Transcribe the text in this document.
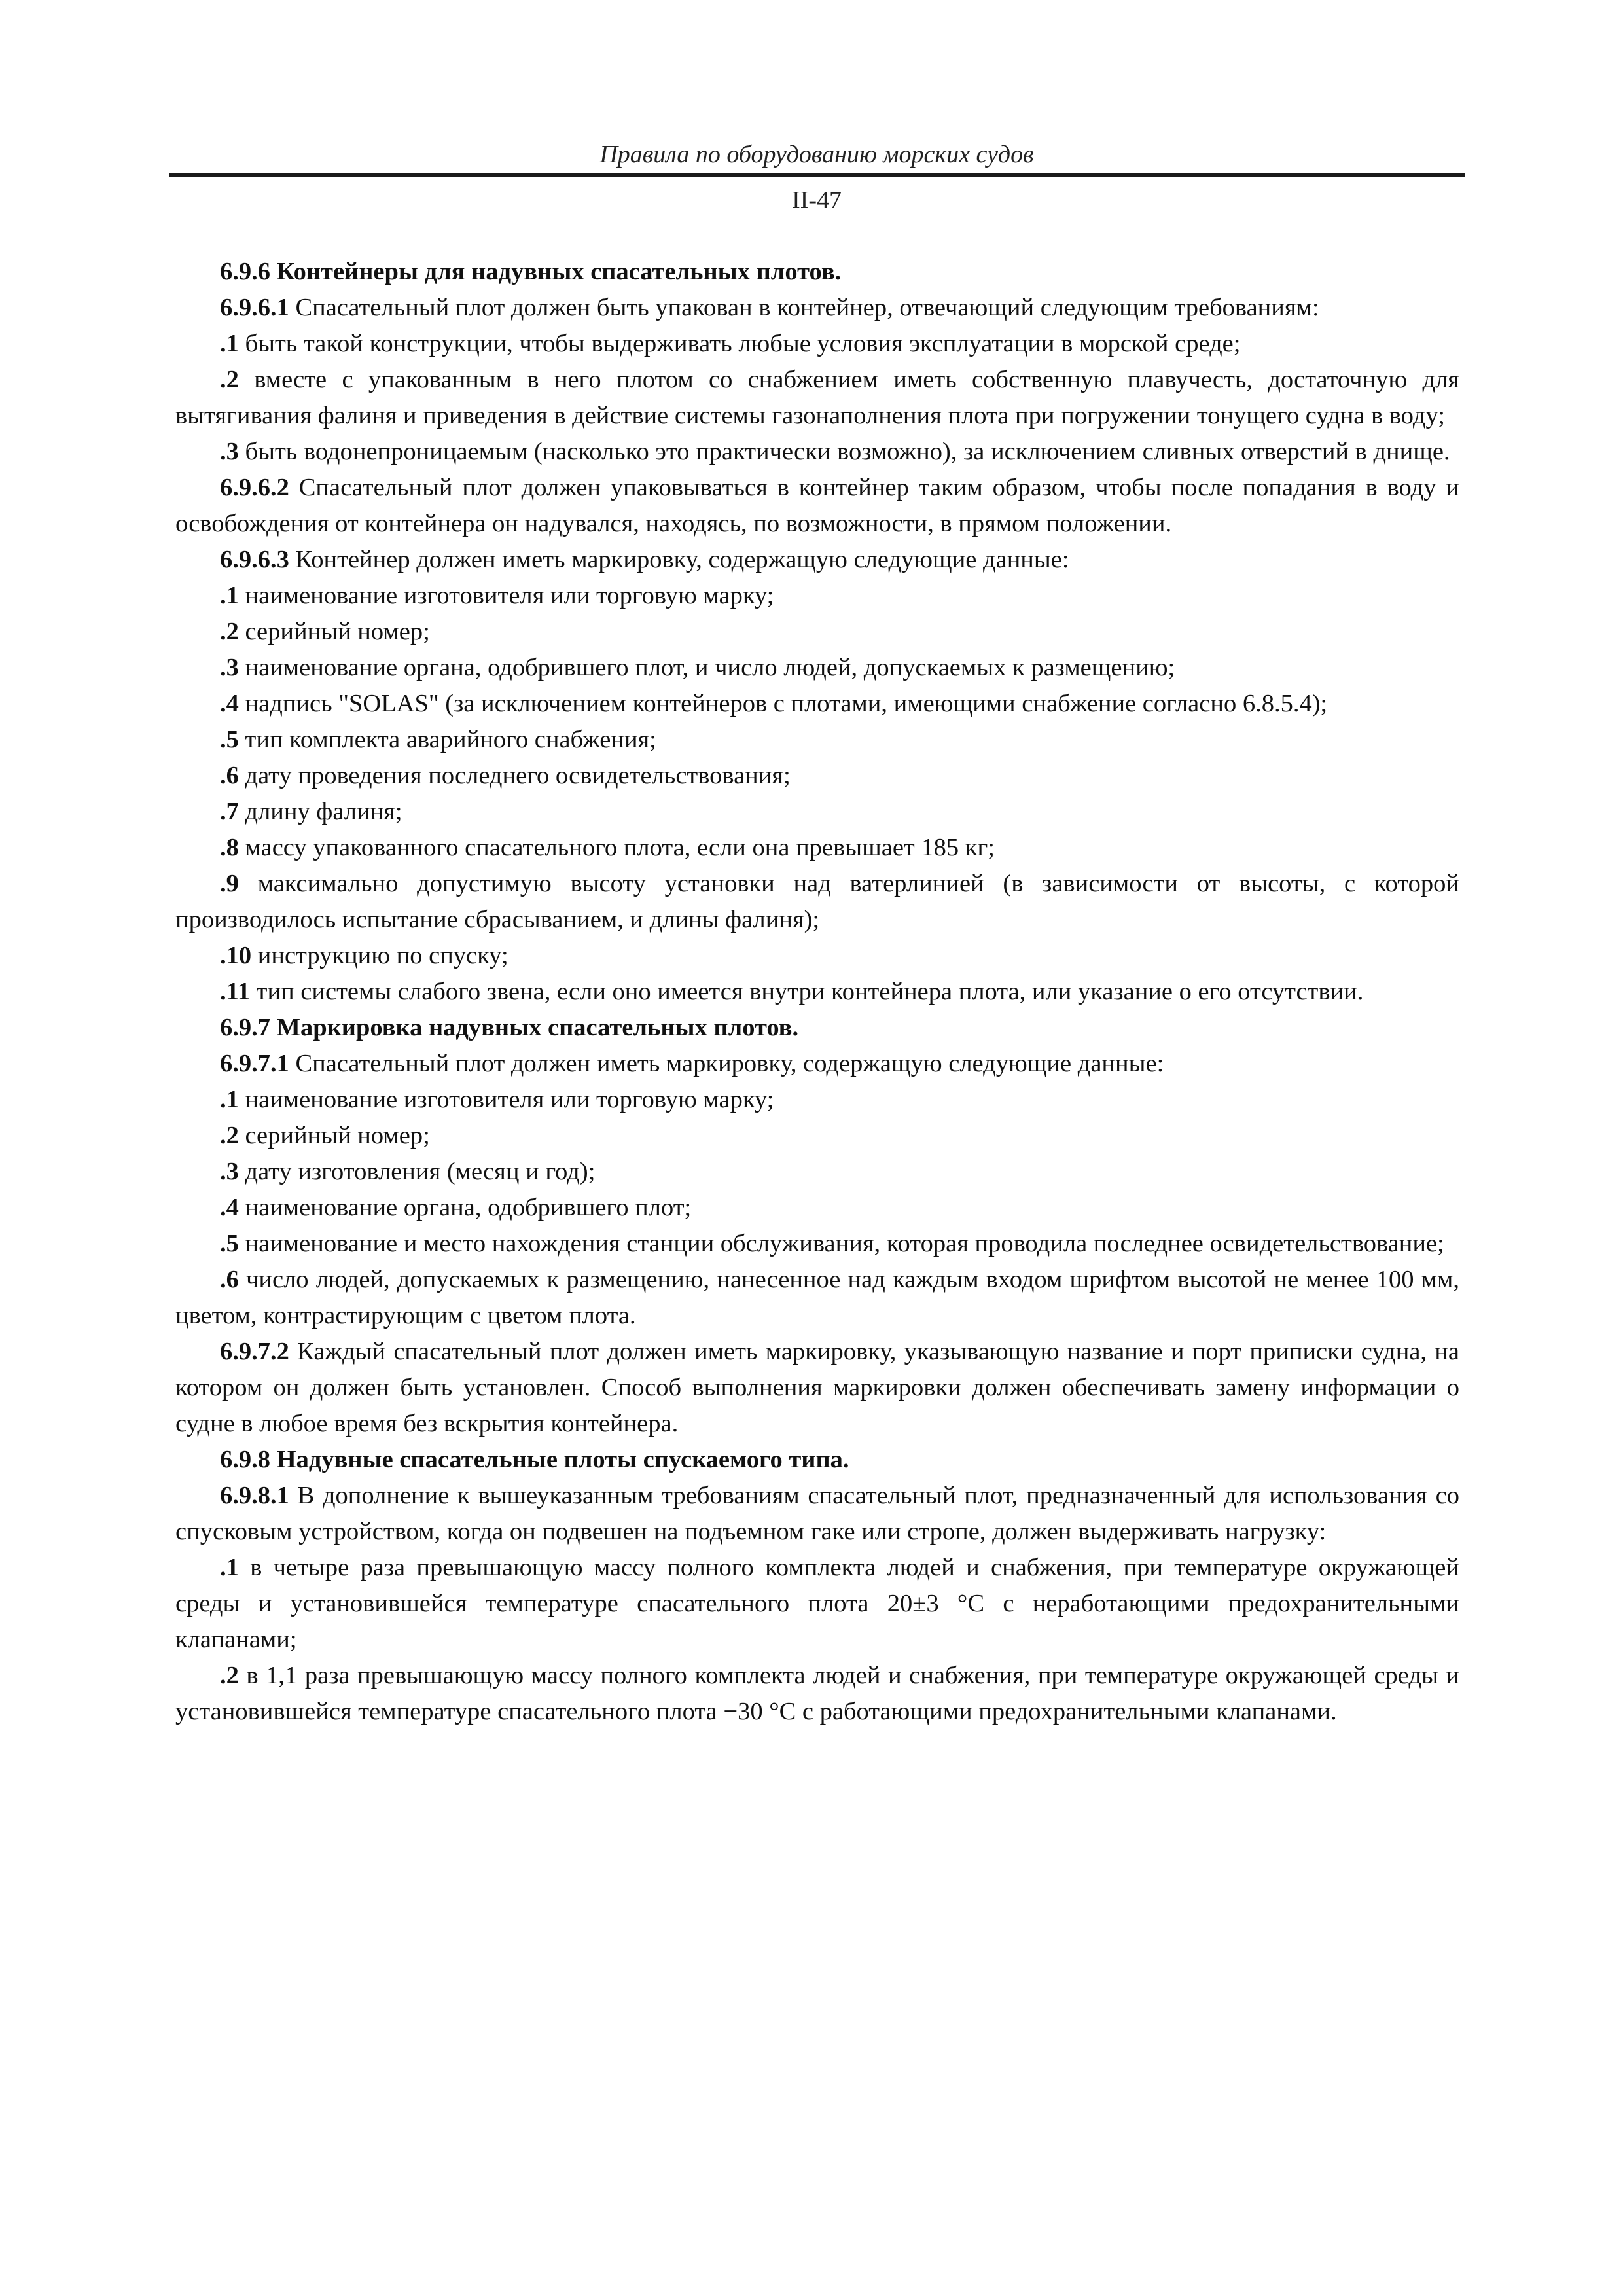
Правила по оборудованию морских судов
II-47

6.9.6 Контейнеры для надувных спасательных плотов.

6.9.6.1 Спасательный плот должен быть упакован в контейнер, отвечающий следующим требованиям:

.1 быть такой конструкции, чтобы выдерживать любые условия эксплуатации в морской среде;

.2 вместе с упакованным в него плотом со снабжением иметь собственную плавучесть, достаточную для вытягивания фалиня и приведения в действие системы газонаполнения плота при погружении тонущего судна в воду;

.3 быть водонепроницаемым (насколько это практически возможно), за исключением сливных отверстий в днище.

6.9.6.2 Спасательный плот должен упаковываться в контейнер таким образом, чтобы после попадания в воду и освобождения от контейнера он надувался, находясь, по возможности, в прямом положении.

6.9.6.3 Контейнер должен иметь маркировку, содержащую следующие данные:

.1 наименование изготовителя или торговую марку;

.2 серийный номер;

.3 наименование органа, одобрившего плот, и число людей, допускаемых к размещению;

.4 надпись "SOLAS" (за исключением контейнеров с плотами, имеющими снабжение согласно 6.8.5.4);

.5 тип комплекта аварийного снабжения;

.6 дату проведения последнего освидетельствования;

.7 длину фалиня;

.8 массу упакованного спасательного плота, если она превышает 185 кг;

.9 максимально допустимую высоту установки над ватерлинией (в зависимости от высоты, с которой производилось испытание сбрасыванием, и длины фалиня);

.10 инструкцию по спуску;

.11 тип системы слабого звена, если оно имеется внутри контейнера плота, или указание о его отсутствии.

6.9.7 Маркировка надувных спасательных плотов.

6.9.7.1 Спасательный плот должен иметь маркировку, содержащую следующие данные:

.1 наименование изготовителя или торговую марку;

.2 серийный номер;

.3 дату изготовления (месяц и год);

.4 наименование органа, одобрившего плот;

.5 наименование и место нахождения станции обслуживания, которая проводила последнее освидетельствование;

.6 число людей, допускаемых к размещению, нанесенное над каждым входом шрифтом высотой не менее 100 мм, цветом, контрастирующим с цветом плота.

6.9.7.2 Каждый спасательный плот должен иметь маркировку, указывающую название и порт приписки судна, на котором он должен быть установлен. Способ выполнения маркировки должен обеспечивать замену информации о судне в любое время без вскрытия контейнера.

6.9.8 Надувные спасательные плоты спускаемого типа.

6.9.8.1 В дополнение к вышеуказанным требованиям спасательный плот, предназначенный для использования со спусковым устройством, когда он подвешен на подъемном гаке или стропе, должен выдерживать нагрузку:

.1 в четыре раза превышающую массу полного комплекта людей и снабжения, при температуре окружающей среды и установившейся температуре спасательного плота 20±3 °С с неработающими предохранительными клапанами;

.2 в 1,1 раза превышающую массу полного комплекта людей и снабжения, при температуре окружающей среды и установившейся температуре спасательного плота −30 °С с работающими предохранительными клапанами.
